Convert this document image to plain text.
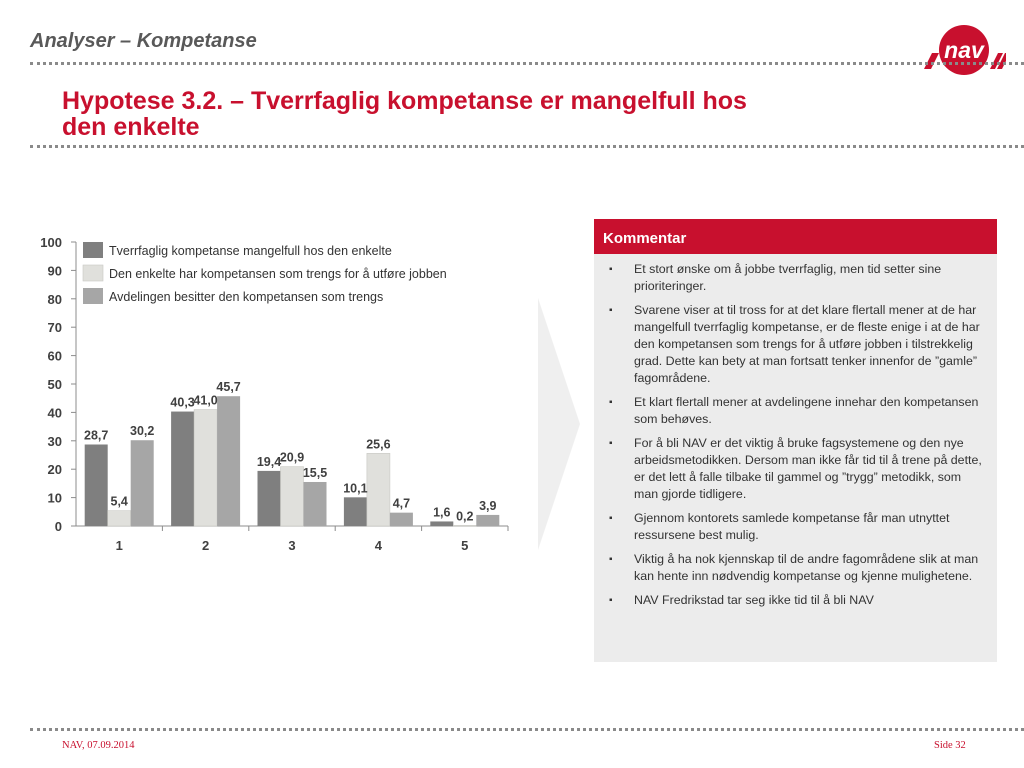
Analyser – Kompetanse	nav
Hypotese 3.2. – Tverrfaglig kompetanse er mangelfull hos
den enkelte
0
10
20
30
40
50
60
70
80
90
100
1	2	3	4	5
Tverrfaglig kompetanse mangelfull hos den enkelte
Den enkelte har kompetansen som trengs for å utføre jobben
Avdelingen besitter den kompetansen som trengs
28,7
5,4
30,2
40,3
41,0
45,7
19,4
20,9
15,5
10,1
25,6
4,7
1,6 0,2
3,9
Kommentar
▪ Et stort ønske om å jobbe tverrfaglig, men tid setter sine prioriteringer.
▪ Svarene viser at til tross for at det klare flertall mener at de har mangelfull tverrfaglig kompetanse, er de fleste enige i at de har den kompetansen som trengs for å utføre jobben i tilstrekkelig grad. Dette kan bety at man fortsatt tenker innenfor de ”gamle” fagområdene.
▪ Et klart flertall mener at avdelingene innehar den kompetansen som behøves.
▪ For å bli NAV er det viktig å bruke fagsystemene og den nye arbeidsmetodikken. Dersom man ikke får tid til å trene på dette, er det lett å falle tilbake til gammel og ”trygg” metodikk, som man gjorde tidligere.
▪ Gjennom kontorets samlede kompetanse får man utnyttet ressursene best mulig.
▪ Viktig å ha nok kjennskap til de andre fagområdene slik at man kan hente inn nødvendig kompetanse og kjenne mulighetene.
▪ NAV Fredrikstad tar seg ikke tid til å bli NAV
NAV, 07.09.2014	Side 32
